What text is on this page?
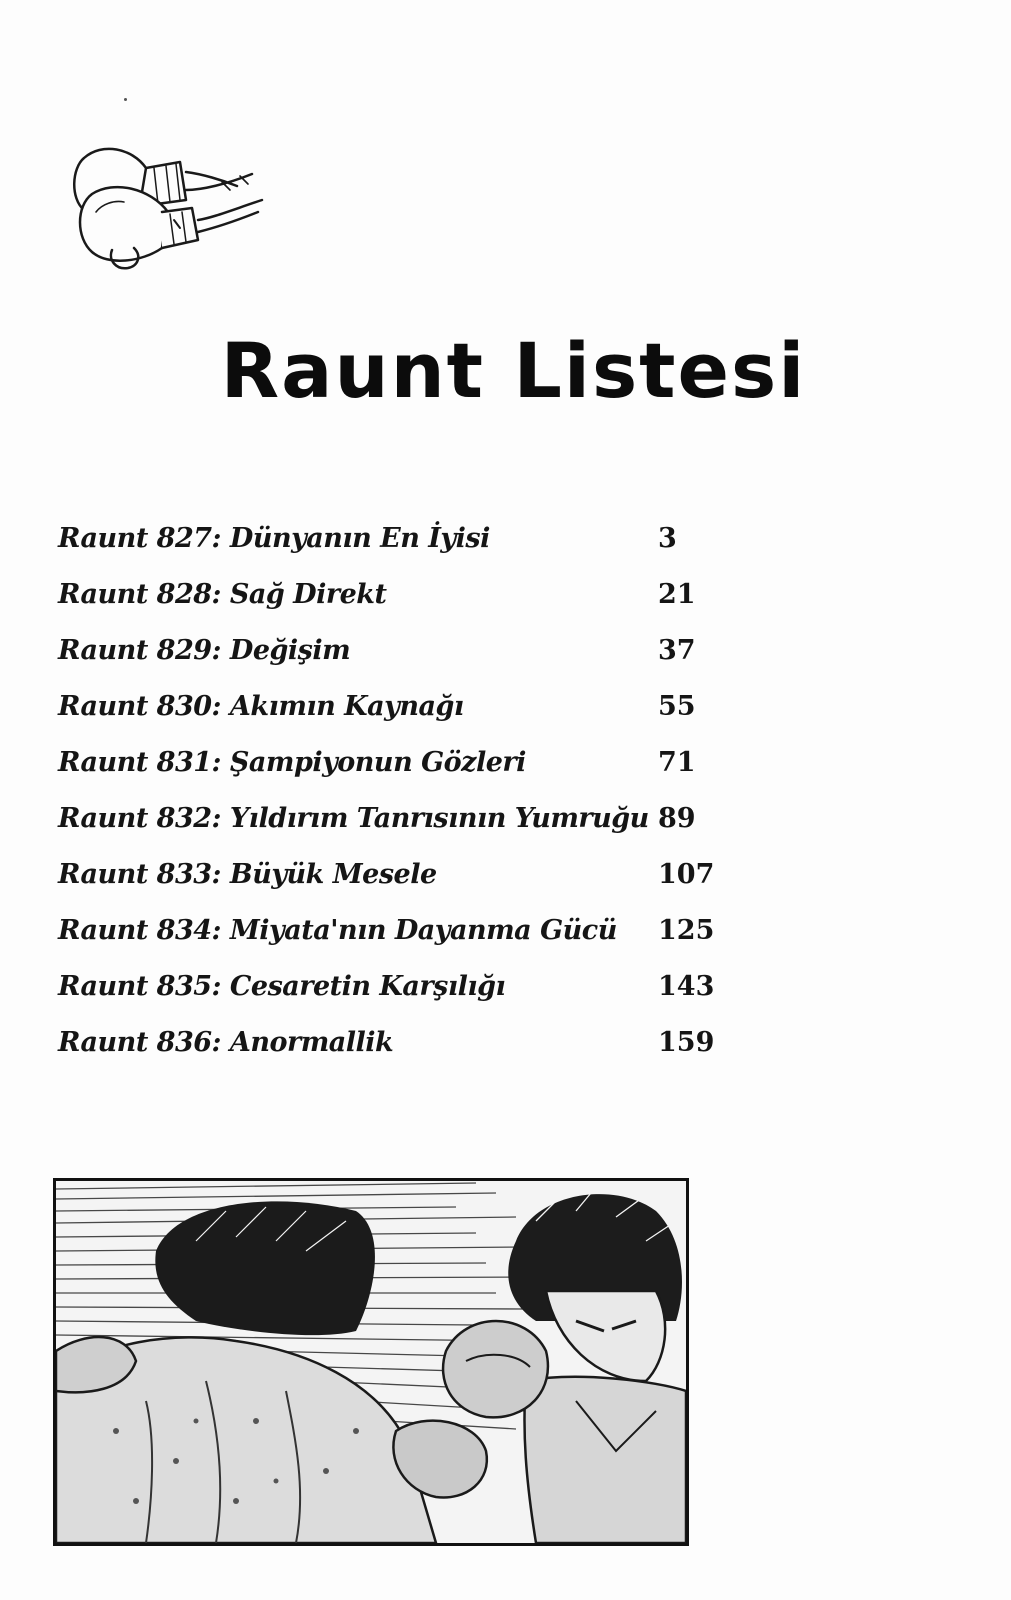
Raunt Listesi
Raunt 827: Dünyanın En İyisi	3
Raunt 828: Sağ Direkt	21
Raunt 829: Değişim	37
Raunt 830: Akımın Kaynağı	55
Raunt 831: Şampiyonun Gözleri	71
Raunt 832: Yıldırım Tanrısının Yumruğu 89
Raunt 833: Büyük Mesele	107
Raunt 834: Miyata'nın Dayanma Gücü 125
Raunt 835: Cesaretin Karşılığı	143
Raunt 836: Anormallik	159
